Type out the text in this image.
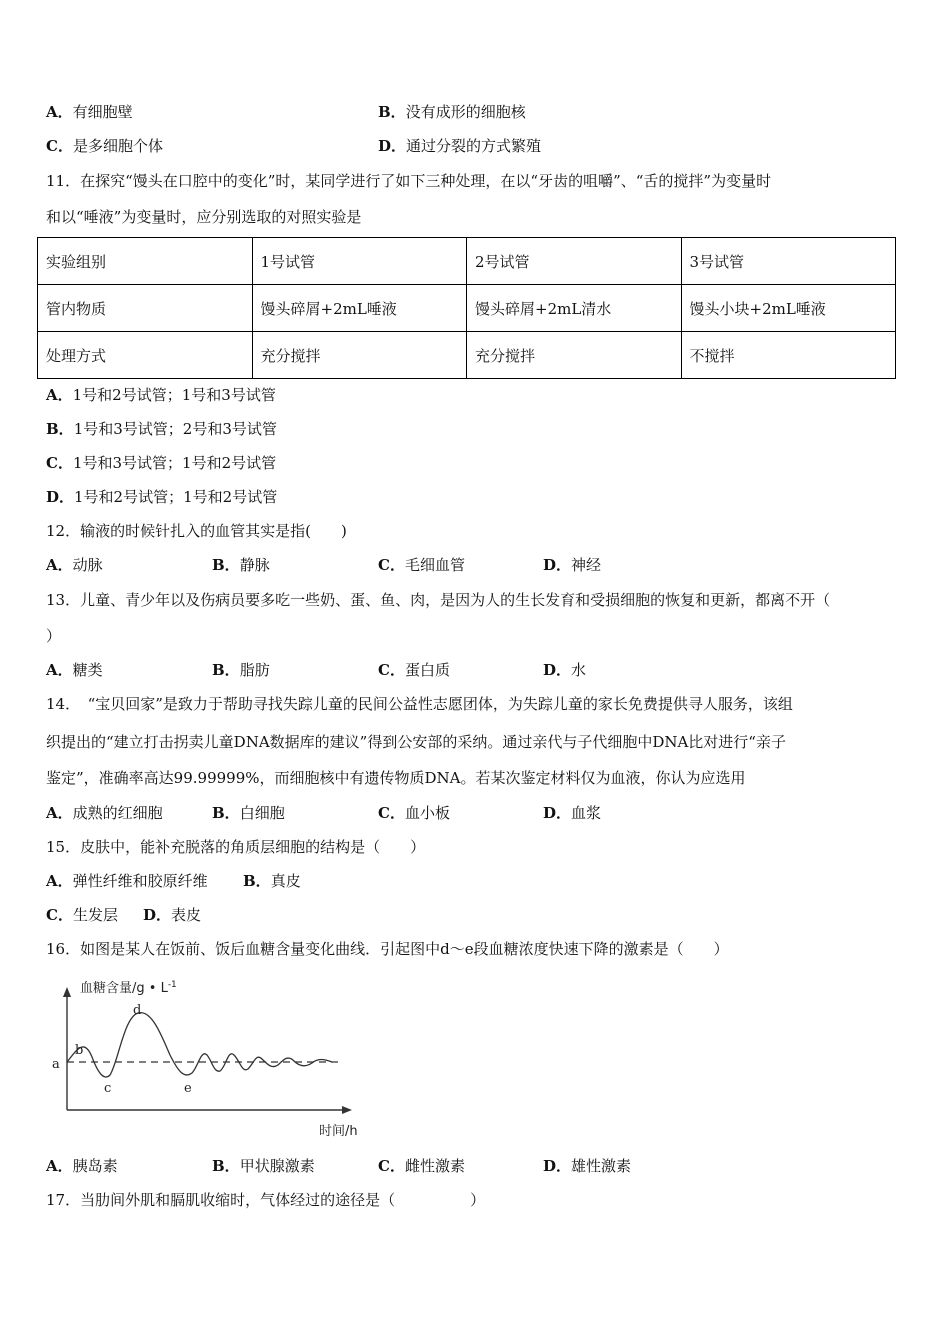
A．有细胞壁	B．没有成形的细胞核
C．是多细胞个体	D．通过分裂的方式繁殖
11．在探究“馒头在口腔中的变化”时，某同学进行了如下三种处理，在以“牙齿的咀嚼”、“舌的搅拌”为变量时
和以“唾液”为变量时，应分别选取的对照实验是
实验组别	1号试管	2号试管	3号试管
管内物质	馒头碎屑+2mL唾液	馒头碎屑+2mL清水	馒头小块+2mL唾液
处理方式	充分搅拌	充分搅拌	不搅拌
A．1号和2号试管；1号和3号试管
B．1号和3号试管；2号和3号试管
C．1号和3号试管；1号和2号试管
D．1号和2号试管；1号和2号试管
12．输液的时候针扎入的血管其实是指(　　)
A．动脉	B．静脉	C．毛细血管	D．神经
13．儿童、青少年以及伤病员要多吃一些奶、蛋、鱼、肉，是因为人的生长发育和受损细胞的恢复和更新，都离不开（
）
A．糖类	B．脂肪	C．蛋白质	D．水
14．　“宝贝回家”是致力于帮助寻找失踪儿童的民间公益性志愿团体，为失踪儿童的家长免费提供寻人服务，该组
织提出的“建立打击拐卖儿童DNA数据库的建议”得到公安部的采纳。通过亲代与子代细胞中DNA比对进行“亲子
鉴定”，准确率高达99.99999%，而细胞核中有遗传物质DNA。若某次鉴定材料仅为血液，你认为应选用
A．成熟的红细胞	B．白细胞	C．血小板	D．血浆
15．皮肤中，能补充脱落的角质层细胞的结构是（　　）
A．弹性纤维和胶原纤维 B．真皮
C．生发层 D．表皮
16．如图是某人在饭前、饭后血糖含量变化曲线．引起图中d～e段血糖浓度快速下降的激素是（　　）
血糖含量/g • $L^{-1}$
时间/h
a
b
c
d
e
A．胰岛素	B．甲状腺激素	C．雌性激素	D．雄性激素
17．当肋间外肌和膈肌收缩时，气体经过的途径是（　　　　　）
